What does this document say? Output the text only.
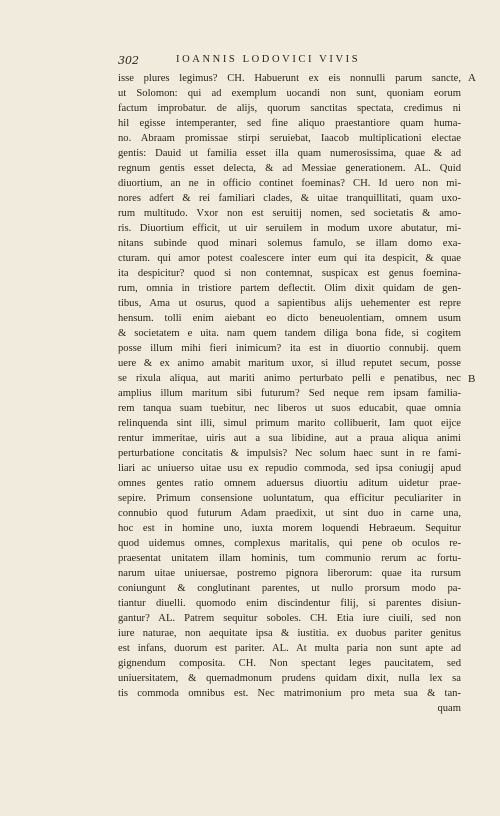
302	IOANNIS LODOVICI VIVIS
A
B
isse plures legimus? CH. Habuerunt ex eis nonnulli parum sancte,
ut Solomon: qui ad exemplum uocandi non sunt, quoniam eorum
factum improbatur. de alijs, quorum sanctitas spectata, credimus ni
hil egisse intemperanter, sed fine aliquo praestantiore quam huma-
no. Abraam promissae stirpi seruiebat, Iaacob multiplicationi electae
gentis: Dauid ut familia esset illa quam numerosissima, quae & ad
regnum gentis esset delecta, & ad Messiae generationem. AL. Quid
diuortium, an ne in officio continet foeminas? CH. Id uero non mi-
nores adfert & rei familiari clades, & uitae tranquillitati, quam uxo-
rum multitudo. Vxor non est seruitij nomen, sed societatis & amo-
ris. Diuortium efficit, ut uir seruilem in modum uxore abutatur, mi-
nitans subinde quod minari solemus famulo, se illam domo exa-
cturam. qui amor potest coalescere inter eum qui ita despicit, & quae
ita despicitur? quod si non contemnat, suspicax est genus foemina-
rum, omnia in tristiore partem deflectit. Olim dixit quidam de gen-
tibus, Ama ut osurus, quod a sapientibus alijs uehementer est repre
hensum. tolli enim aiebant eo dicto beneuolentiam, omnem usum
& societatem e uita. nam quem tandem diliga bona fide, si cogitem
posse illum mihi fieri inimicum? ita est in diuortio connubij. quem
uere & ex animo amabit maritum uxor, si illud reputet secum, posse
se rixula aliqua, aut mariti animo perturbato pelli e penatibus, nec
amplius illum maritum sibi futurum? Sed neque rem ipsam familia-
rem tanqua suam tuebitur, nec liberos ut suos educabit, quae omnia
relinquenda sint illi, simul primum marito collibuerit, Iam quot eijce
rentur immeritae, uiris aut a sua libidine, aut a praua aliqua animi
perturbatione concitatis & impulsis? Nec solum haec sunt in re fami-
liari ac uniuerso uitae usu ex repudio commoda, sed ipsa coniugij apud
omnes gentes ratio omnem aduersus diuortiu aditum uidetur prae-
sepire. Primum consensione uoluntatum, qua efficitur peculiariter in
connubio quod futurum Adam praedixit, ut sint duo in carne una,
hoc est in homine uno, iuxta morem loquendi Hebraeum. Sequitur
quod uidemus omnes, complexus maritalis, qui pene ob oculos re-
praesentat unitatem illam hominis, tum communio rerum ac fortu-
narum uitae uniuersae, postremo pignora liberorum: quae ita rursum
coniungunt & conglutinant parentes, ut nullo prorsum modo pa-
tiantur diuelli. quomodo enim discindentur filij, si parentes disiun-
gantur? AL. Patrem sequitur soboles. CH. Etia iure ciuili, sed non
iure naturae, non aequitate ipsa & iustitia. ex duobus pariter genitus
est infans, duorum est pariter. AL. At multa paria non sunt apte ad
gignendum composita. CH. Non spectant leges paucitatem, sed
uniuersitatem, & quemadmonum prudens quidam dixit, nulla lex sa
tis commoda omnibus est. Nec matrimonium pro meta sua & tan-
quam
